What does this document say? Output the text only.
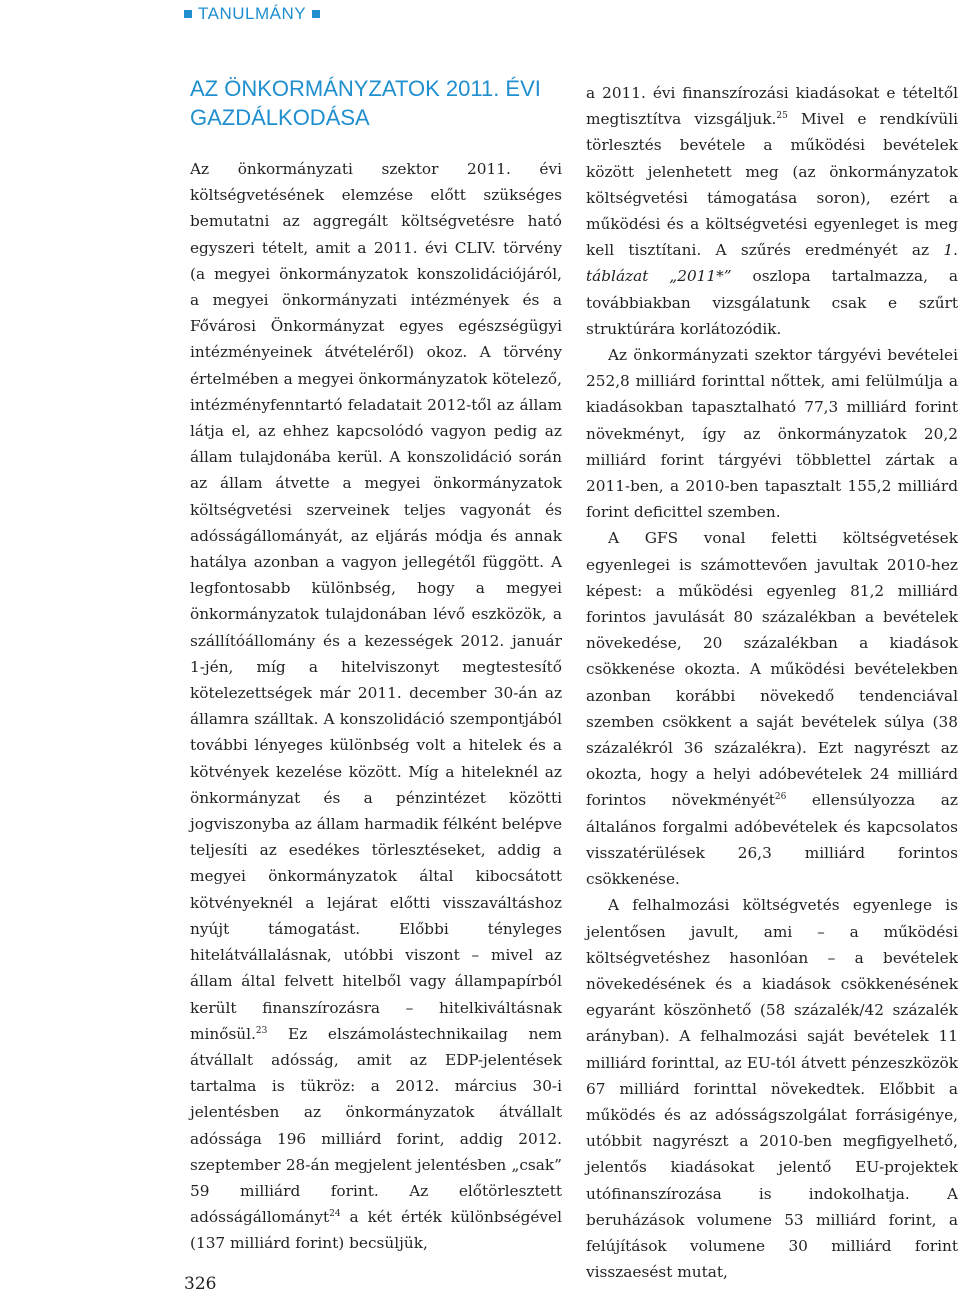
TANULMÁNY
AZ ÖNKORMÁNYZATOK 2011. ÉVI GAZDÁLKODÁSA

Az önkormányzati szektor 2011. évi költségvetésének elemzése előtt szükséges bemutatni az aggregált költségvetésre ható egyszeri tételt, amit a 2011. évi CLIV. törvény (a megyei önkormányzatok konszolidációjáról, a megyei önkormányzati intézmények és a Fővárosi Önkormányzat egyes egészségügyi intézményeinek átvételéről) okoz. A törvény értelmében a megyei önkormányzatok kötelező, intézményfenntartó feladatait 2012-től az állam látja el, az ehhez kapcsolódó vagyon pedig az állam tulajdonába kerül. A konszolidáció során az állam átvette a megyei önkormányzatok költségvetési szerveinek teljes vagyonát és adósságállományát, az eljárás módja és annak hatálya azonban a vagyon jellegétől függött. A legfontosabb különbség, hogy a megyei önkormányzatok tulajdonában lévő eszközök, a szállítóállomány és a kezességek 2012. január 1-jén, míg a hitelviszonyt megtestesítő kötelezettségek már 2011. december 30-án az államra szálltak. A konszolidáció szempontjából további lényeges különbség volt a hitelek és a kötvények kezelése között. Míg a hiteleknél az önkormányzat és a pénzintézet közötti jogviszonyba az állam harmadik félként belépve teljesíti az esedékes törlesztéseket, addig a megyei önkormányzatok által kibocsátott kötvényeknél a lejárat előtti visszaváltáshoz nyújt támogatást. Előbbi tényleges hitelátvállalásnak, utóbbi viszont – mivel az állam által felvett hitelből vagy állampapírból került finanszírozásra – hitelkiváltásnak minősül.$^{23}$ Ez elszámolástechnikailag nem átvállalt adósság, amit az EDP-jelentések tartalma is tükröz: a 2012. március 30-i jelentésben az önkormányzatok átvállalt adóssága 196 milliárd forint, addig 2012. szeptember 28-án megjelent jelentésben „csak” 59 milliárd forint. Az előtörlesztett adósságállományt$^{24}$ a két érték különbségével (137 milliárd forint) becsüljük,

a 2011. évi finanszírozási kiadásokat e tételtől megtisztítva vizsgáljuk.$^{25}$ Mivel e rendkívüli törlesztés bevétele a működési bevételek között jelenhetett meg (az önkormányzatok költségvetési támogatása soron), ezért a működési és a költségvetési egyenleget is meg kell tisztítani. A szűrés eredményét az 1. táblázat „2011*” oszlopa tartalmazza, a továbbiakban vizsgálatunk csak e szűrt struktúrára korlátozódik.

Az önkormányzati szektor tárgyévi bevételei 252,8 milliárd forinttal nőttek, ami felülmúlja a kiadásokban tapasztalható 77,3 milliárd forint növekményt, így az önkormányzatok 20,2 milliárd forint tárgyévi többlettel zártak a 2011-ben, a 2010-ben tapasztalt 155,2 milliárd forint deficittel szemben.

A GFS vonal feletti költségvetések egyenlegei is számottevően javultak 2010-hez képest: a működési egyenleg 81,2 milliárd forintos javulását 80 százalékban a bevételek növekedése, 20 százalékban a kiadások csökkenése okozta. A működési bevételekben azonban korábbi növekedő tendenciával szemben csökkent a saját bevételek súlya (38 százalékról 36 százalékra). Ezt nagyrészt az okozta, hogy a helyi adóbevételek 24 milliárd forintos növekményét$^{26}$ ellensúlyozza az általános forgalmi adóbevételek és kapcsolatos visszatérülések 26,3 milliárd forintos csökkenése.

A felhalmozási költségvetés egyenlege is jelentősen javult, ami – a működési költségvetéshez hasonlóan – a bevételek növekedésének és a kiadások csökkenésének egyaránt köszönhető (58 százalék/42 százalék arányban). A felhalmozási saját bevételek 11 milliárd forinttal, az EU-tól átvett pénzeszközök 67 milliárd forinttal növekedtek. Előbbit a működés és az adósságszolgálat forrásigénye, utóbbit nagyrészt a 2010-ben megfigyelhető, jelentős kiadásokat jelentő EU-projektek utófinanszírozása is indokolhatja. A beruházások volumene 53 milliárd forint, a felújítások volumene 30 milliárd forint visszaesést mutat,

326
